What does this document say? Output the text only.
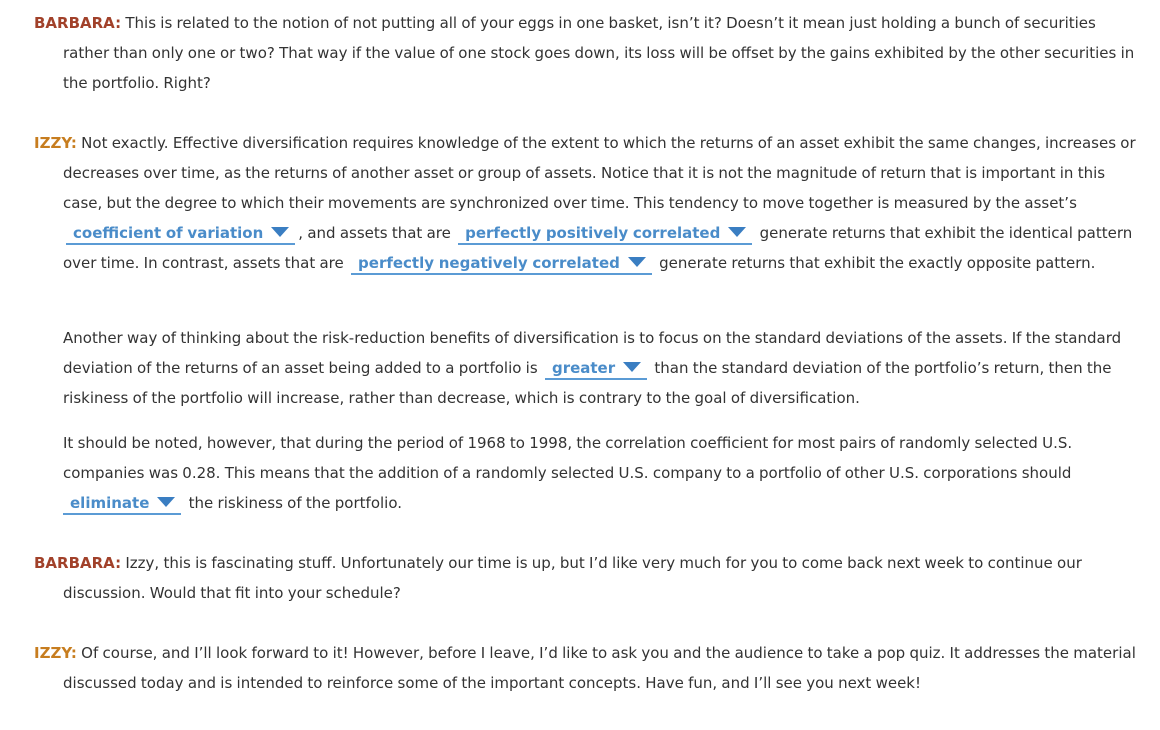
BARBARA: This is related to the notion of not putting all of your eggs in one basket, isn’t it? Doesn’t it mean just holding a bunch of securities rather than only one or two? That way if the value of one stock goes down, its loss will be offset by the gains exhibited by the other securities in the portfolio. Right?
IZZY: Not exactly. Effective diversification requires knowledge of the extent to which the returns of an asset exhibit the same changes, increases or decreases over time, as the returns of another asset or group of assets. Notice that it is not the magnitude of return that is important in this case, but the degree to which their movements are synchronized over time. This tendency to move together is measured by the asset’s coefficient of variation , and assets that are perfectly positively correlated	generate returns that exhibit the identical pattern over time. In contrast, assets that are perfectly negatively correlated	generate returns that exhibit the exactly opposite pattern.
Another way of thinking about the risk-reduction benefits of diversification is to focus on the standard deviations of the assets. If the standard deviation of the returns of an asset being added to a portfolio is greater	than the standard deviation of the portfolio’s return, then the riskiness of the portfolio will increase, rather than decrease, which is contrary to the goal of diversification.
It should be noted, however, that during the period of 1968 to 1998, the correlation coefficient for most pairs of randomly selected U.S. companies was 0.28. This means that the addition of a randomly selected U.S. company to a portfolio of other U.S. corporations should eliminate	the riskiness of the portfolio.
BARBARA: Izzy, this is fascinating stuff. Unfortunately our time is up, but I’d like very much for you to come back next week to continue our discussion. Would that fit into your schedule?
IZZY: Of course, and I’ll look forward to it! However, before I leave, I’d like to ask you and the audience to take a pop quiz. It addresses the material discussed today and is intended to reinforce some of the important concepts. Have fun, and I’ll see you next week!
